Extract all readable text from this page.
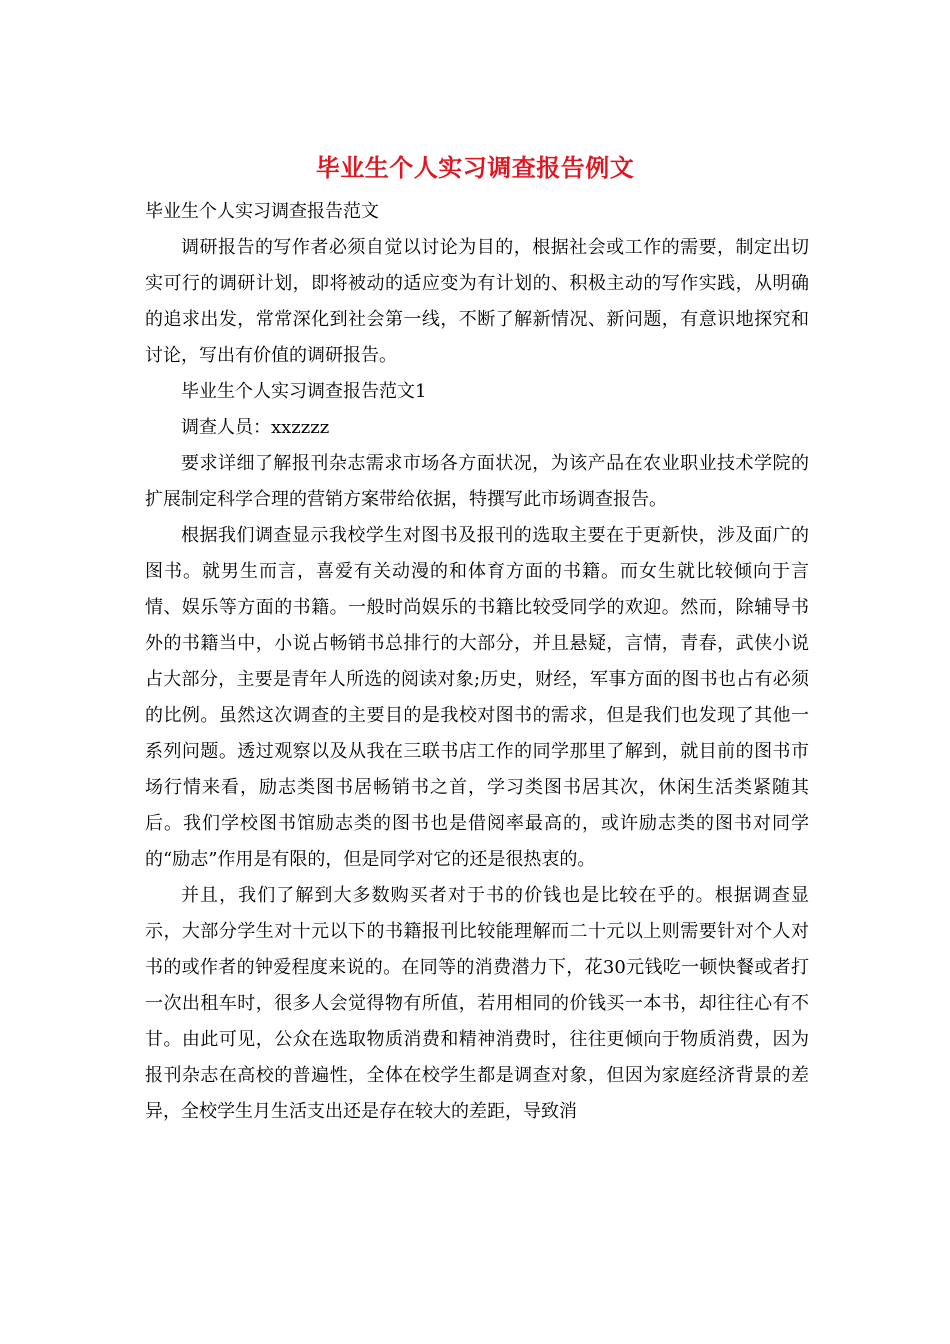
毕业生个人实习调查报告例文

毕业生个人实习调查报告范文

调研报告的写作者必须自觉以讨论为目的，根据社会或工作的需要，制定出切实可行的调研计划，即将被动的适应变为有计划的、积极主动的写作实践，从明确的追求出发，常常深化到社会第一线，不断了解新情况、新问题，有意识地探究和讨论，写出有价值的调研报告。

毕业生个人实习调查报告范文1

调查人员：xxzzzz

要求详细了解报刊杂志需求市场各方面状况，为该产品在农业职业技术学院的扩展制定科学合理的营销方案带给依据，特撰写此市场调查报告。

根据我们调查显示我校学生对图书及报刊的选取主要在于更新快，涉及面广的图书。就男生而言，喜爱有关动漫的和体育方面的书籍。而女生就比较倾向于言情、娱乐等方面的书籍。一般时尚娱乐的书籍比较受同学的欢迎。然而，除辅导书外的书籍当中，小说占畅销书总排行的大部分，并且悬疑，言情，青春，武侠小说占大部分，主要是青年人所选的阅读对象;历史，财经，军事方面的图书也占有必须的比例。虽然这次调查的主要目的是我校对图书的需求，但是我们也发现了其他一系列问题。透过观察以及从我在三联书店工作的同学那里了解到，就目前的图书市场行情来看，励志类图书居畅销书之首，学习类图书居其次，休闲生活类紧随其后。我们学校图书馆励志类的图书也是借阅率最高的，或许励志类的图书对同学的“励志”作用是有限的，但是同学对它的还是很热衷的。

并且，我们了解到大多数购买者对于书的价钱也是比较在乎的。根据调查显示，大部分学生对十元以下的书籍报刊比较能理解而二十元以上则需要针对个人对书的或作者的钟爱程度来说的。在同等的消费潜力下，花30元钱吃一顿快餐或者打一次出租车时，很多人会觉得物有所值，若用相同的价钱买一本书，却往往心有不甘。由此可见，公众在选取物质消费和精神消费时，往往更倾向于物质消费，因为报刊杂志在高校的普遍性，全体在校学生都是调查对象，但因为家庭经济背景的差异，全校学生月生活支出还是存在较大的差距，导致消
